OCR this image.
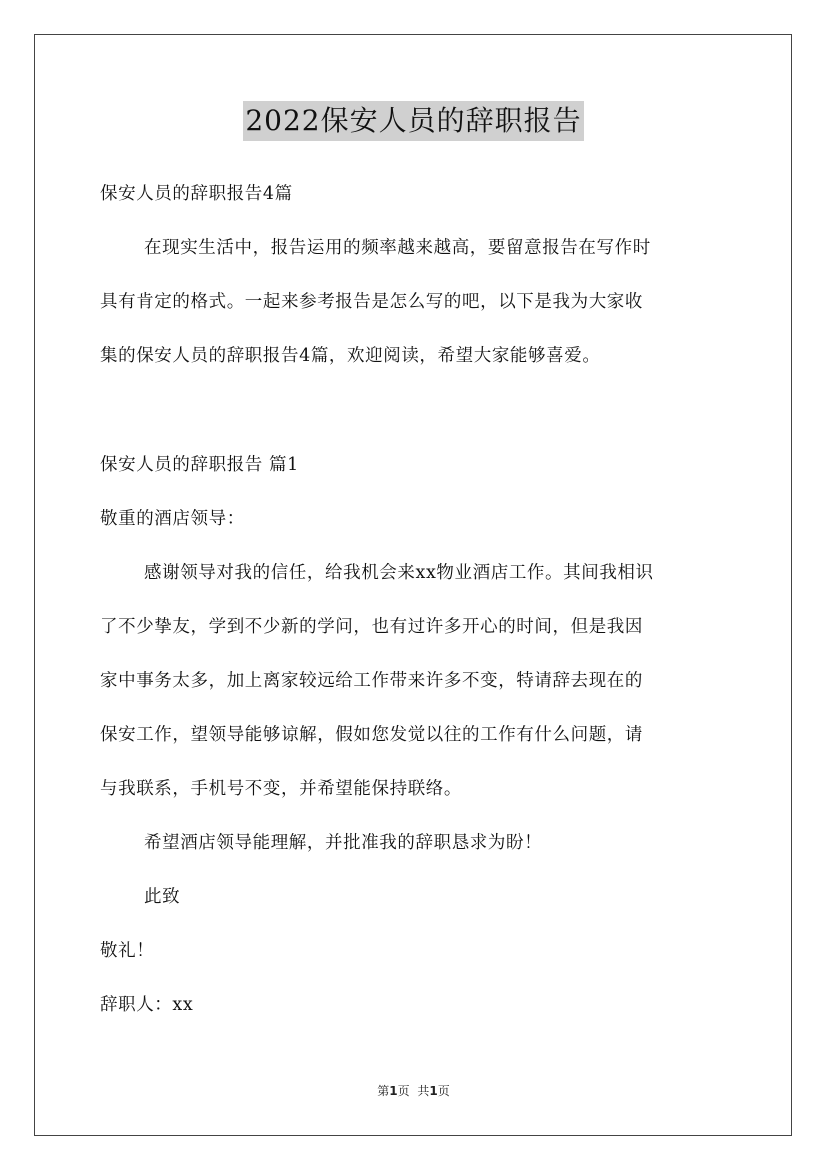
2022保安人员的辞职报告

保安人员的辞职报告4篇

在现实生活中，报告运用的频率越来越高，要留意报告在写作时

具有肯定的格式。一起来参考报告是怎么写的吧，以下是我为大家收

集的保安人员的辞职报告4篇，欢迎阅读，希望大家能够喜爱。

保安人员的辞职报告 篇1

敬重的酒店领导：

感谢领导对我的信任，给我机会来xx物业酒店工作。其间我相识

了不少挚友，学到不少新的学问，也有过许多开心的时间，但是我因

家中事务太多，加上离家较远给工作带来许多不变，特请辞去现在的

保安工作，望领导能够谅解，假如您发觉以往的工作有什么问题，请

与我联系，手机号不变，并希望能保持联络。

希望酒店领导能理解，并批准我的辞职恳求为盼！

此致

敬礼！

辞职人：xx

第1页 共1页
